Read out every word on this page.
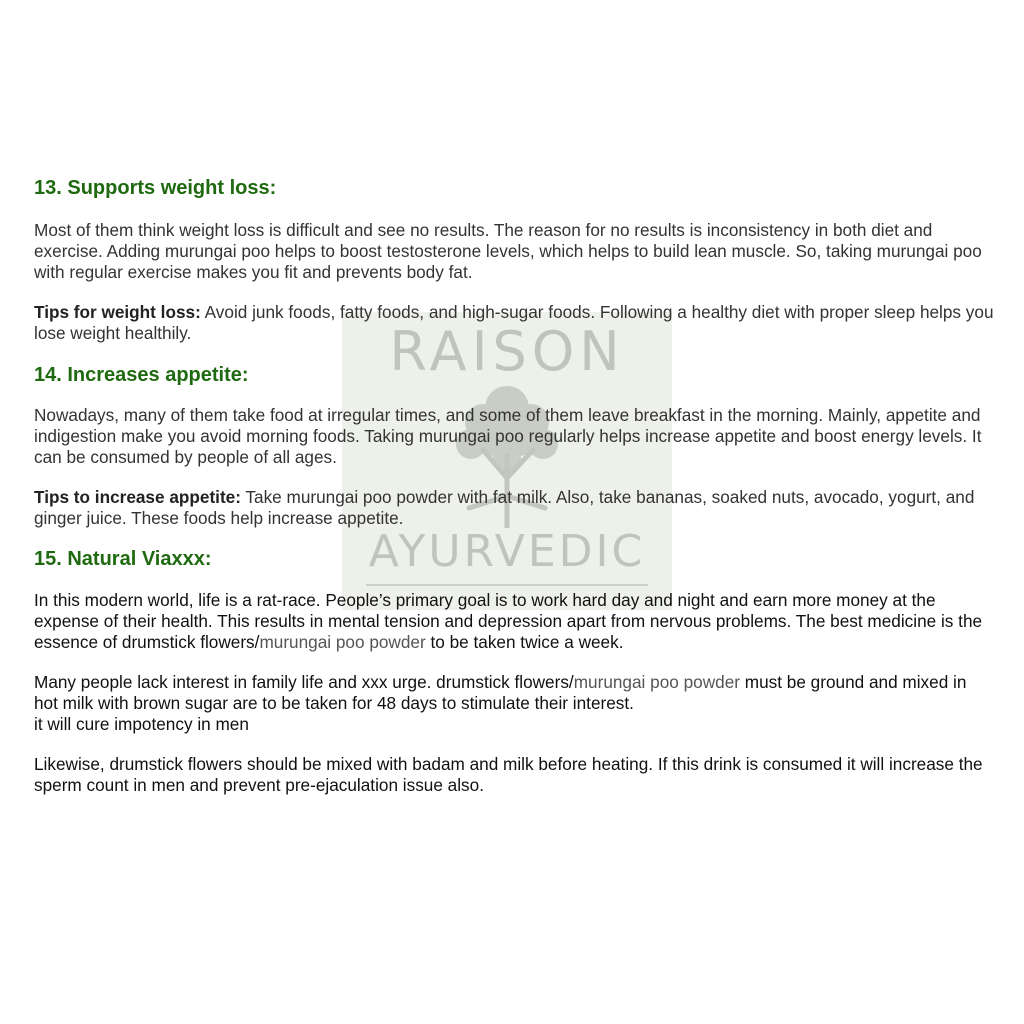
RAISON
AYURVEDIC
13. Supports weight loss:

Most of them think weight loss is difficult and see no results. The reason for no results is inconsistency in both diet and exercise. Adding murungai poo helps to boost testosterone levels, which helps to build lean muscle. So, taking murungai poo with regular exercise makes you fit and prevents body fat.

Tips for weight loss: Avoid junk foods, fatty foods, and high-sugar foods. Following a healthy diet with proper sleep helps you lose weight healthily.

14. Increases appetite:

Nowadays, many of them take food at irregular times, and some of them leave breakfast in the morning. Mainly, appetite and indigestion make you avoid morning foods. Taking murungai poo regularly helps increase appetite and boost energy levels. It can be consumed by people of all ages.

Tips to increase appetite: Take murungai poo powder with fat milk. Also, take bananas, soaked nuts, avocado, yogurt, and ginger juice. These foods help increase appetite.

15. Natural Viaxxx:

In this modern world, life is a rat-race. People’s primary goal is to work hard day and night and earn more money at the expense of their health. This results in mental tension and depression apart from nervous problems. The best medicine is the essence of drumstick flowers/murungai poo powder to be taken twice a week.

Many people lack interest in family life and xxx urge. drumstick flowers/murungai poo powder must be ground and mixed in hot milk with brown sugar are to be taken for 48 days to stimulate their interest.
it will cure impotency in men

Likewise, drumstick flowers should be mixed with badam and milk before heating. If this drink is consumed it will increase the sperm count in men and prevent pre-ejaculation issue also.
